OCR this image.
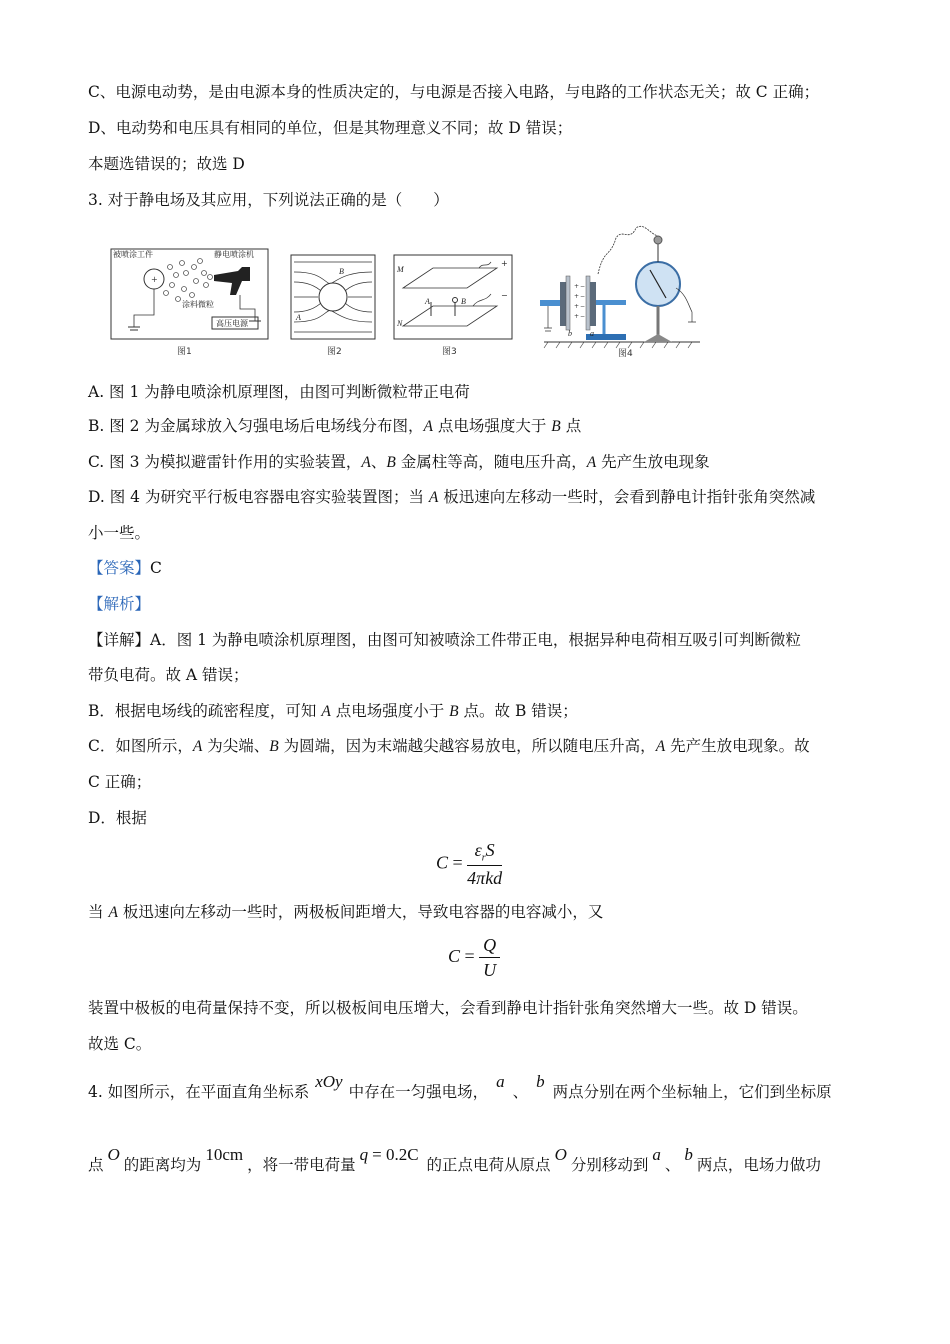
C、电源电动势，是由电源本身的性质决定的，与电源是否接入电路，与电路的工作状态无关；故 C 正确；
D、电动势和电压具有相同的单位，但是其物理意义不同；故 D 错误；
本题选错误的；故选 D
3. 对于静电场及其应用，下列说法正确的是（　　）
+
被喷涂工件	静电喷涂机
涂料微粒
高压电源
图1
B
A
图2
+
−
M
N
A	B
图3
+
+
+
+
−
−
−
−
b a
图4
A. 图 1 为静电喷涂机原理图，由图可判断微粒带正电荷
B. 图 2 为金属球放入匀强电场后电场线分布图，A 点电场强度大于 B 点
C. 图 3 为模拟避雷针作用的实验装置，A、B 金属柱等高，随电压升高，A 先产生放电现象
D. 图 4 为研究平行板电容器电容实验装置图；当 A 板迅速向左移动一些时，会看到静电计指针张角突然减
小一些。
【答案】C
【解析】
【详解】A．图 1 为静电喷涂机原理图，由图可知被喷涂工件带正电，根据异种电荷相互吸引可判断微粒
带负电荷。故 A 错误；
B．根据电场线的疏密程度，可知 A 点电场强度小于 B 点。故 B 错误；
C．如图所示，A 为尖端、B 为圆端，因为末端越尖越容易放电，所以随电压升高，A 先产生放电现象。故
C 正确；
D．根据
$C = \frac{\varepsilon_rS}{\text{4πkd}}$
当 A 板迅速向左移动一些时，两极板间距增大，导致电容器的电容减小，又
$C = \frac{Q}{U}$
装置中极板的电荷量保持不变，所以极板间电压增大，会看到静电计指针张角突然增大一些。故 D 错误。
故选 C。
4. 如图所示，在平面直角坐标系xOy中存在一匀强电场，a、b两点分别在两个坐标轴上，它们到坐标原
点O的距离均为10cm，将一带电荷量q = 0.2C的正点电荷从原点O分别移动到a、b两点，电场力做功
